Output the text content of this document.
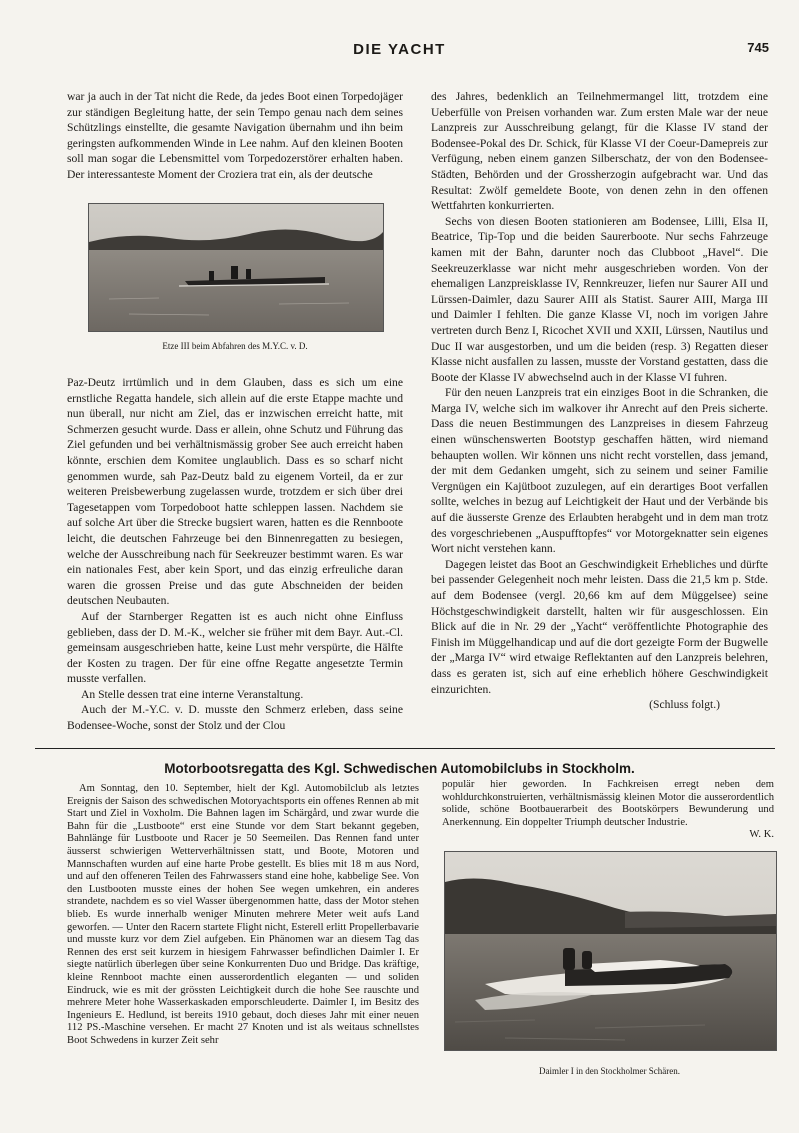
DIE YACHT	745

war ja auch in der Tat nicht die Rede, da jedes Boot einen Torpedojäger zur ständigen Begleitung hatte, der sein Tempo genau nach dem seines Schützlings einstellte, die gesamte Navigation übernahm und ihn beim geringsten aufkommenden Winde in Lee nahm. Auf den kleinen Booten soll man sogar die Lebensmittel vom Torpedozerstörer erhalten haben. Der interessanteste Moment der Croziera trat ein, als der deutsche

Etze III beim Abfahren des M.Y.C. v. D.

Paz-Deutz irrtümlich und in dem Glauben, dass es sich um eine ernstliche Regatta handele, sich allein auf die erste Etappe machte und nun überall, nur nicht am Ziel, das er inzwischen erreicht hatte, mit Schmerzen gesucht wurde. Dass er allein, ohne Schutz und Führung das Ziel gefunden und bei verhältnismässig grober See auch erreicht haben könnte, erschien dem Komitee unglaublich. Dass es so scharf nicht genommen wurde, sah Paz-Deutz bald zu eigenem Vorteil, da er zur weiteren Preisbewerbung zugelassen wurde, trotzdem er sich über drei Tagesetappen vom Torpedoboot hatte schleppen lassen. Nachdem sie auf solche Art über die Strecke bugsiert waren, hatten es die Rennboote leicht, die deutschen Fahrzeuge bei den Binnenregatten zu besiegen, welche der Ausschreibung nach für Seekreuzer bestimmt waren. Es war ein nationales Fest, aber kein Sport, und das einzig erfreuliche daran waren die grossen Preise und das gute Abschneiden der beiden deutschen Neubauten.

Auf der Starnberger Regatten ist es auch nicht ohne Einfluss geblieben, dass der D. M.-K., welcher sie früher mit dem Bayr. Aut.-Cl. gemeinsam ausgeschrieben hatte, keine Lust mehr verspürte, die Hälfte der Kosten zu tragen. Der für eine offne Regatte angesetzte Termin musste verfallen.

An Stelle dessen trat eine interne Veranstaltung.

Auch der M.-Y.C. v. D. musste den Schmerz erleben, dass seine Bodensee-Woche, sonst der Stolz und der Clou

des Jahres, bedenklich an Teilnehmermangel litt, trotzdem eine Ueberfülle von Preisen vorhanden war. Zum ersten Male war der neue Lanzpreis zur Ausschreibung gelangt, für die Klasse IV stand der Bodensee-Pokal des Dr. Schick, für Klasse VI der Coeur-Damepreis zur Verfügung, neben einem ganzen Silberschatz, der von den Bodensee-Städten, Behörden und der Grossherzogin aufgebracht war. Und das Resultat: Zwölf gemeldete Boote, von denen zehn in den offenen Wettfahrten konkurrierten.

Sechs von diesen Booten stationieren am Bodensee, Lilli, Elsa II, Beatrice, Tip-Top und die beiden Saurerboote. Nur sechs Fahrzeuge kamen mit der Bahn, darunter noch das Clubboot „Havel“. Die Seekreuzerklasse war nicht mehr ausgeschrieben worden. Von der ehemaligen Lanzpreisklasse IV, Rennkreuzer, liefen nur Saurer AII und Lürssen-Daimler, dazu Saurer AIII als Statist. Saurer AIII, Marga III und Daimler I fehlten. Die ganze Klasse VI, noch im vorigen Jahre vertreten durch Benz I, Ricochet XVII und XXII, Lürssen, Nautilus und Duc II war ausgestorben, und um die beiden (resp. 3) Regatten dieser Klasse nicht ausfallen zu lassen, musste der Vorstand gestatten, dass die Boote der Klasse IV abwechselnd auch in der Klasse VI fuhren.

Für den neuen Lanzpreis trat ein einziges Boot in die Schranken, die Marga IV, welche sich im walkover ihr Anrecht auf den Preis sicherte. Dass die neuen Bestimmungen des Lanzpreises in diesem Fahrzeug einen wünschenswerten Bootstyp geschaffen hätten, wird niemand behaupten wollen. Wir können uns nicht recht vorstellen, dass jemand, der mit dem Gedanken umgeht, sich zu seinem und seiner Familie Vergnügen ein Kajütboot zuzulegen, auf ein derartiges Boot verfallen sollte, welches in bezug auf Leichtigkeit der Haut und der Verbände bis auf die äusserste Grenze des Erlaubten herabgeht und in dem man trotz des vorgeschriebenen „Auspufftopfes“ vor Motorgeknatter sein eigenes Wort nicht verstehen kann.

Dagegen leistet das Boot an Geschwindigkeit Erhebliches und dürfte bei passender Gelegenheit noch mehr leisten. Dass die 21,5 km p. Stde. auf dem Bodensee (vergl. 20,66 km auf dem Müggelsee) seine Höchstgeschwindigkeit darstellt, halten wir für ausgeschlossen. Ein Blick auf die in Nr. 29 der „Yacht“ veröffentlichte Photographie des Finish im Müggelhandicap und auf die dort gezeigte Form der Bugwelle der „Marga IV“ wird etwaige Reflektanten auf den Lanzpreis belehren, dass es geraten ist, sich auf eine erheblich höhere Geschwindigkeit einzurichten.

(Schluss folgt.)
Motorbootsregatta des Kgl. Schwedischen Automobilclubs in Stockholm.

Am Sonntag, den 10. September, hielt der Kgl. Automobilclub als letztes Ereignis der Saison des schwedischen Motoryachtsports ein offenes Rennen ab mit Start und Ziel in Voxholm. Die Bahnen lagen im Schärgård, und zwar wurde die Bahn für die „Lustboote“ erst eine Stunde vor dem Start bekannt gegeben, Bahnlänge für Lustboote und Racer je 50 Seemeilen. Das Rennen fand unter äusserst schwierigen Wetterverhältnissen statt, und Boote, Motoren und Mannschaften wurden auf eine harte Probe gestellt. Es blies mit 18 m aus Nord, und auf den offeneren Teilen des Fahrwassers stand eine hohe, kabbelige See. Von den Lustbooten musste eines der hohen See wegen umkehren, ein anderes strandete, nachdem es so viel Wasser übergenommen hatte, dass der Motor stehen blieb. Es wurde innerhalb weniger Minuten mehrere Meter weit aufs Land geworfen. — Unter den Racern startete Flight nicht, Esterell erlitt Propellerbavarie und musste kurz vor dem Ziel aufgeben. Ein Phänomen war an diesem Tag das Rennen des erst seit kurzem in hiesigem Fahrwasser befindlichen Daimler I. Er siegte natürlich überlegen über seine Konkurrenten Duo und Bridge. Das kräftige, kleine Rennboot machte einen ausserordentlich eleganten — und soliden Eindruck, wie es mit der grössten Leichtigkeit durch die hohe See rauschte und mehrere Meter hohe Wasserkaskaden emporschleuderte. Daimler I, im Besitz des Ingenieurs E. Hedlund, ist bereits 1910 gebaut, doch dieses Jahr mit einer neuen 112 PS.-Maschine versehen. Er macht 27 Knoten und ist als weitaus schnellstes Boot Schwedens in kurzer Zeit sehr

populär hier geworden. In Fachkreisen erregt neben dem wohldurchkonstruierten, verhältnismässig kleinen Motor die ausserordentlich solide, schöne Bootbauerarbeit des Bootskörpers Bewunderung und Anerkennung. Ein doppelter Triumph deutscher Industrie.

W. K.
Daimler I in den Stockholmer Schären.
